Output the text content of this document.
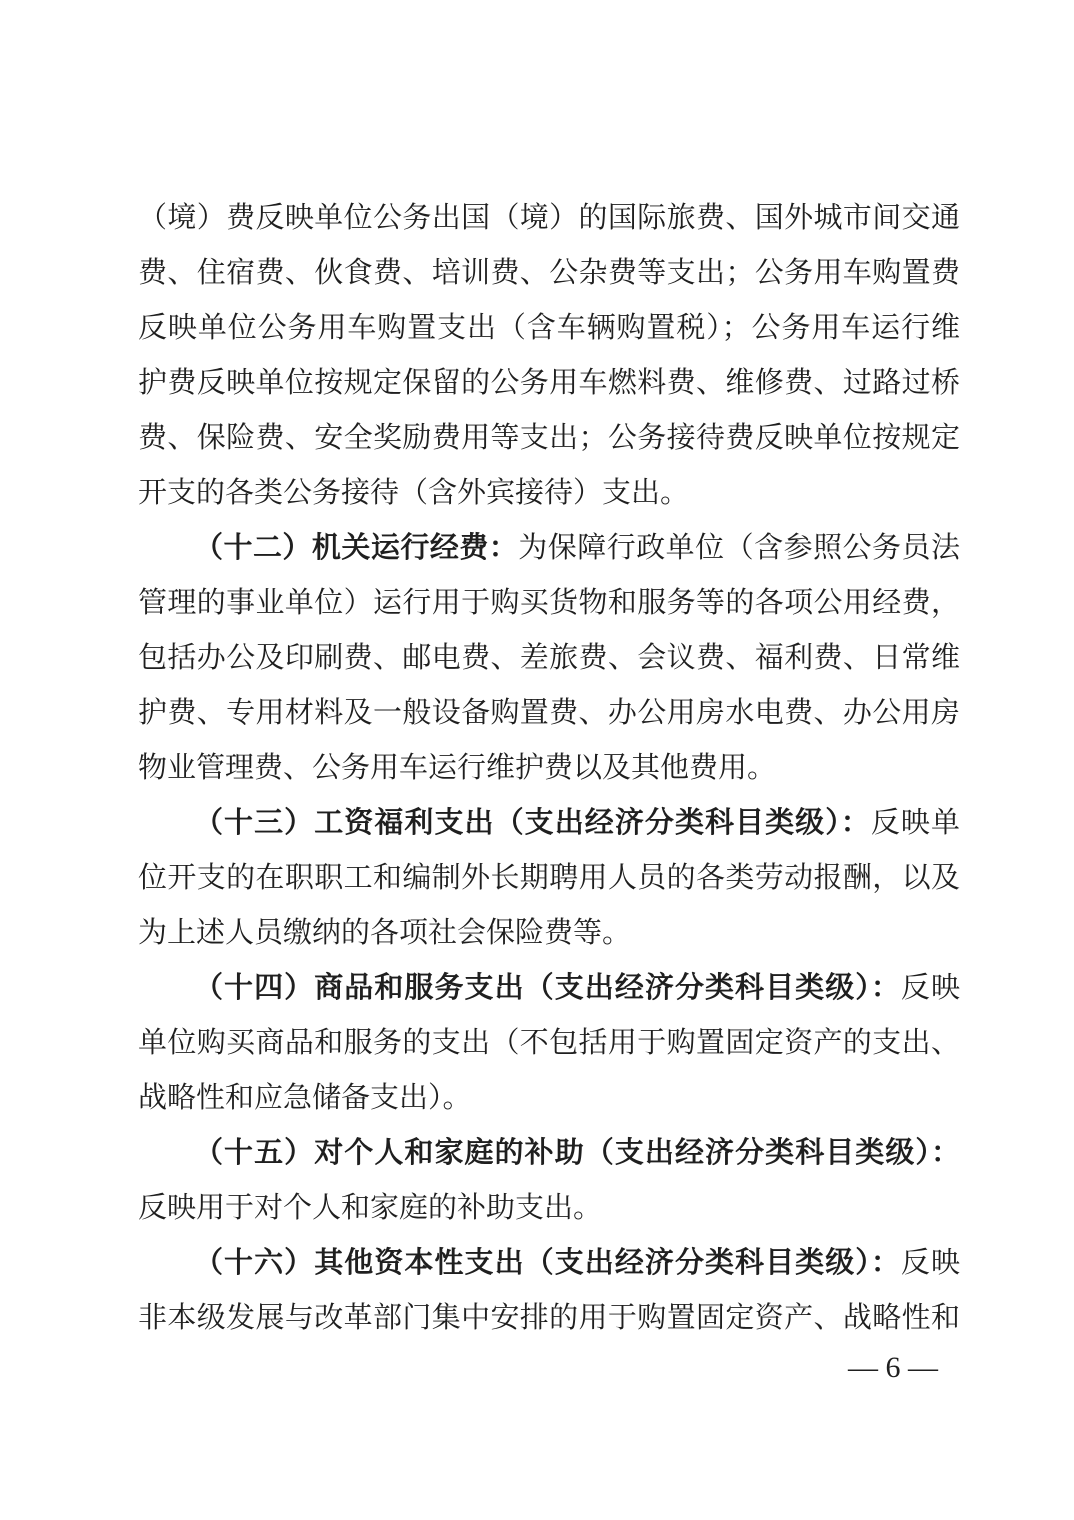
（境）费反映单位公务出国（境）的国际旅费、国外城市间交通
费、住宿费、伙食费、培训费、公杂费等支出；公务用车购置费
反映单位公务用车购置支出（含车辆购置税）；公务用车运行维
护费反映单位按规定保留的公务用车燃料费、维修费、过路过桥
费、保险费、安全奖励费用等支出；公务接待费反映单位按规定
开支的各类公务接待（含外宾接待）支出。
（十二）机关运行经费：为保障行政单位（含参照公务员法
管理的事业单位）运行用于购买货物和服务等的各项公用经费，
包括办公及印刷费、邮电费、差旅费、会议费、福利费、日常维
护费、专用材料及一般设备购置费、办公用房水电费、办公用房
物业管理费、公务用车运行维护费以及其他费用。
（十三）工资福利支出（支出经济分类科目类级）：反映单
位开支的在职职工和编制外长期聘用人员的各类劳动报酬，以及
为上述人员缴纳的各项社会保险费等。
（十四）商品和服务支出（支出经济分类科目类级）：反映
单位购买商品和服务的支出（不包括用于购置固定资产的支出、
战略性和应急储备支出）。
（十五）对个人和家庭的补助（支出经济分类科目类级）：
反映用于对个人和家庭的补助支出。
（十六）其他资本性支出（支出经济分类科目类级）：反映
非本级发展与改革部门集中安排的用于购置固定资产、战略性和
— 6 —
